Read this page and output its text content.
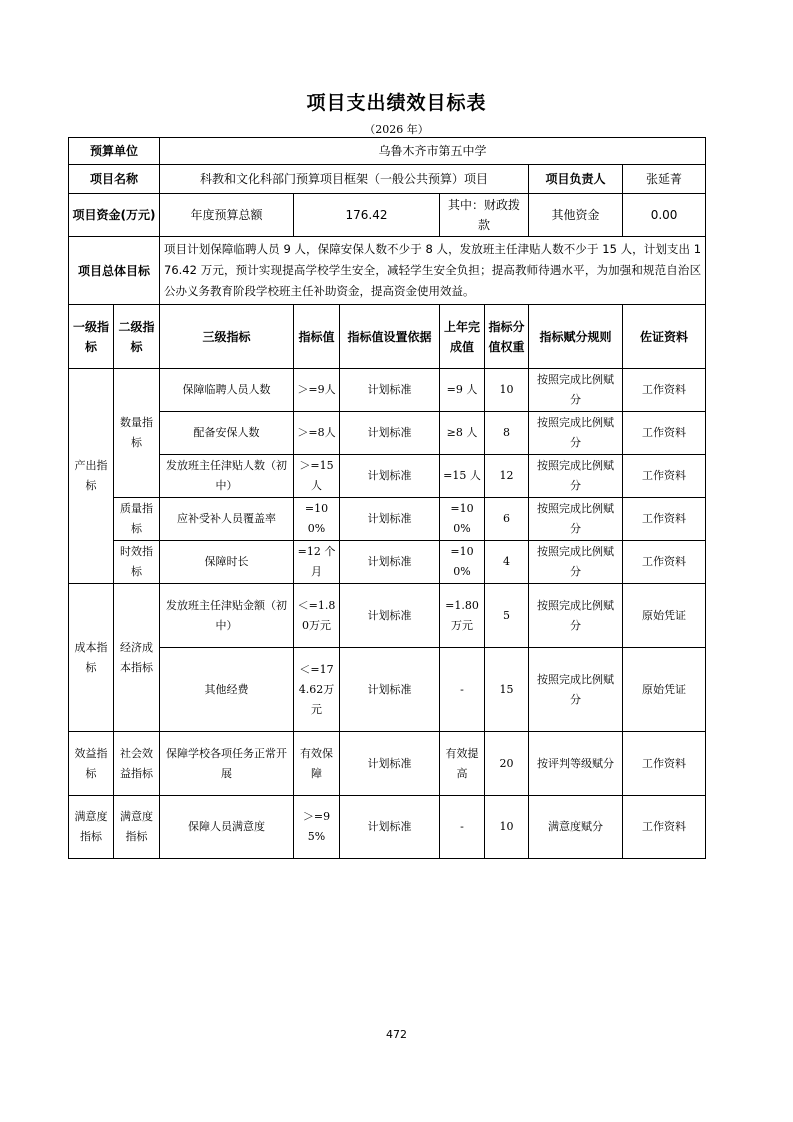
项目支出绩效目标表
（2026 年）
预算单位		乌鲁木齐市第五中学						
项目名称		科教和文化科部门预算项目框架（一般公共预算）项目					项目负责人	张延菁
项目资金(万元)		年度预算总额	176.42		其中：财政拨款		其他资金	0.00
项目总体目标		项目计划保障临聘人员 9 人，保障安保人数不少于 8 人，发放班主任津贴人数不少于 15 人，计划支出 176.42 万元，预计实现提高学校学生安全，减轻学生安全负担；提高教师待遇水平，为加强和规范自治区公办义务教育阶段学校班主任补助资金，提高资金使用效益。						
一级指标	二级指标	三级指标	指标值	指标值设置依据	上年完成值	指标分值权重	指标赋分规则	佐证资料
产出指标	数量指标	保障临聘人员人数	＞=9人	计划标准	=9 人	10	按照完成比例赋分	工作资料
		配备安保人数	＞=8人	计划标准	≥8 人	8	按照完成比例赋分	工作资料
		发放班主任津贴人数（初中）	＞=15人	计划标准	=15 人	12	按照完成比例赋分	工作资料
	质量指标	应补受补人员覆盖率	=100%	计划标准	=100%	6	按照完成比例赋分	工作资料
	时效指标	保障时长	=12 个月	计划标准	=100%	4	按照完成比例赋分	工作资料
成本指标	经济成本指标	发放班主任津贴金额（初中）	＜=1.80万元	计划标准	=1.80万元	5	按照完成比例赋分	原始凭证
		其他经费	＜=174.62万元	计划标准	-	15	按照完成比例赋分	原始凭证
效益指标	社会效益指标	保障学校各项任务正常开展	有效保障	计划标准	有效提高	20	按评判等级赋分	工作资料
满意度指标	满意度指标	保障人员满意度	＞=95%	计划标准	-	10	满意度赋分	工作资料
472
